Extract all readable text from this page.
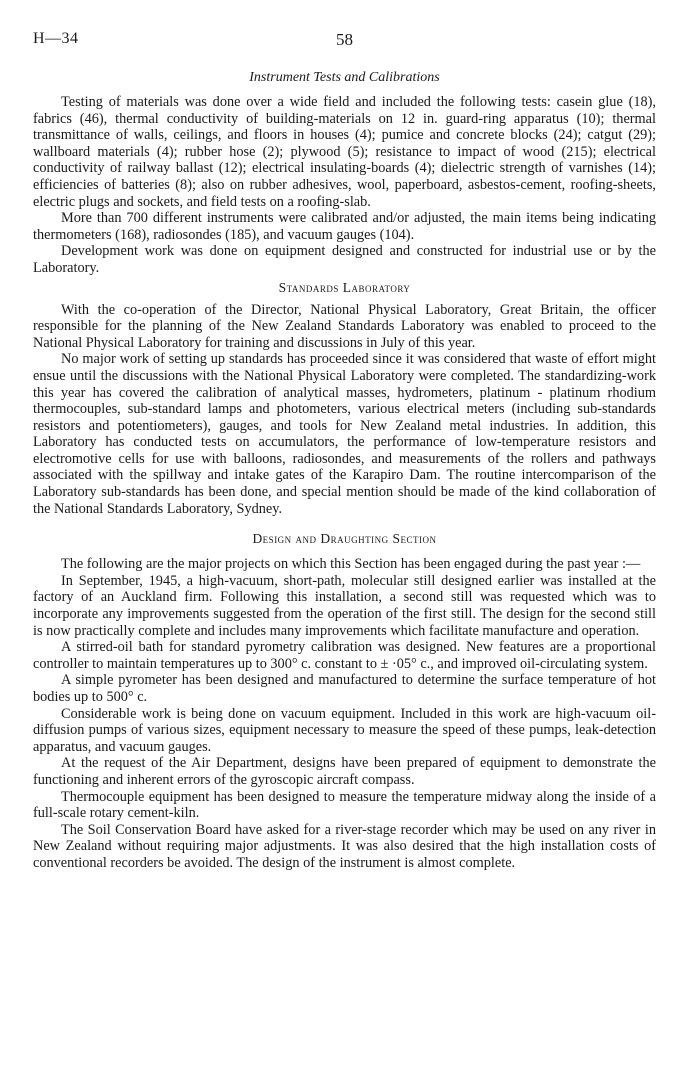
H—34	58
Instrument Tests and Calibrations

Testing of materials was done over a wide field and included the following tests: casein glue (18), fabrics (46), thermal conductivity of building-materials on 12 in. guard-ring apparatus (10); thermal transmittance of walls, ceilings, and floors in houses (4); pumice and concrete blocks (24); catgut (29); wallboard materials (4); rubber hose (2); plywood (5); resistance to impact of wood (215); electrical conductivity of railway ballast (12); electrical insulating-boards (4); dielectric strength of varnishes (14); efficiencies of batteries (8); also on rubber adhesives, wool, paperboard, asbestos-cement, roofing-sheets, electric plugs and sockets, and field tests on a roofing-slab.

More than 700 different instruments were calibrated and/or adjusted, the main items being indicating thermometers (168), radiosondes (185), and vacuum gauges (104).

Development work was done on equipment designed and constructed for industrial use or by the Laboratory.

Standards Laboratory

With the co-operation of the Director, National Physical Laboratory, Great Britain, the officer responsible for the planning of the New Zealand Standards Laboratory was enabled to proceed to the National Physical Laboratory for training and discussions in July of this year.

No major work of setting up standards has proceeded since it was considered that waste of effort might ensue until the discussions with the National Physical Laboratory were completed. The standardizing-work this year has covered the calibration of analytical masses, hydrometers, platinum - platinum rhodium thermocouples, sub-standard lamps and photometers, various electrical meters (including sub-standards resistors and potentiometers), gauges, and tools for New Zealand metal industries. In addition, this Laboratory has conducted tests on accumulators, the performance of low-temperature resistors and electromotive cells for use with balloons, radiosondes, and measurements of the rollers and pathways associated with the spillway and intake gates of the Karapiro Dam. The routine intercomparison of the Laboratory sub-standards has been done, and special mention should be made of the kind collaboration of the National Standards Laboratory, Sydney.

Design and Draughting Section

The following are the major projects on which this Section has been engaged during the past year :—

In September, 1945, a high-vacuum, short-path, molecular still designed earlier was installed at the factory of an Auckland firm. Following this installation, a second still was requested which was to incorporate any improvements suggested from the operation of the first still. The design for the second still is now practically complete and includes many improvements which facilitate manufacture and operation.

A stirred-oil bath for standard pyrometry calibration was designed. New features are a proportional controller to maintain temperatures up to 300° c. constant to ± ·05° c., and improved oil-circulating system.

A simple pyrometer has been designed and manufactured to determine the surface temperature of hot bodies up to 500° c.

Considerable work is being done on vacuum equipment. Included in this work are high-vacuum oil-diffusion pumps of various sizes, equipment necessary to measure the speed of these pumps, leak-detection apparatus, and vacuum gauges.

At the request of the Air Department, designs have been prepared of equipment to demonstrate the functioning and inherent errors of the gyroscopic aircraft compass.

Thermocouple equipment has been designed to measure the temperature midway along the inside of a full-scale rotary cement-kiln.

The Soil Conservation Board have asked for a river-stage recorder which may be used on any river in New Zealand without requiring major adjustments. It was also desired that the high installation costs of conventional recorders be avoided. The design of the instrument is almost complete.
